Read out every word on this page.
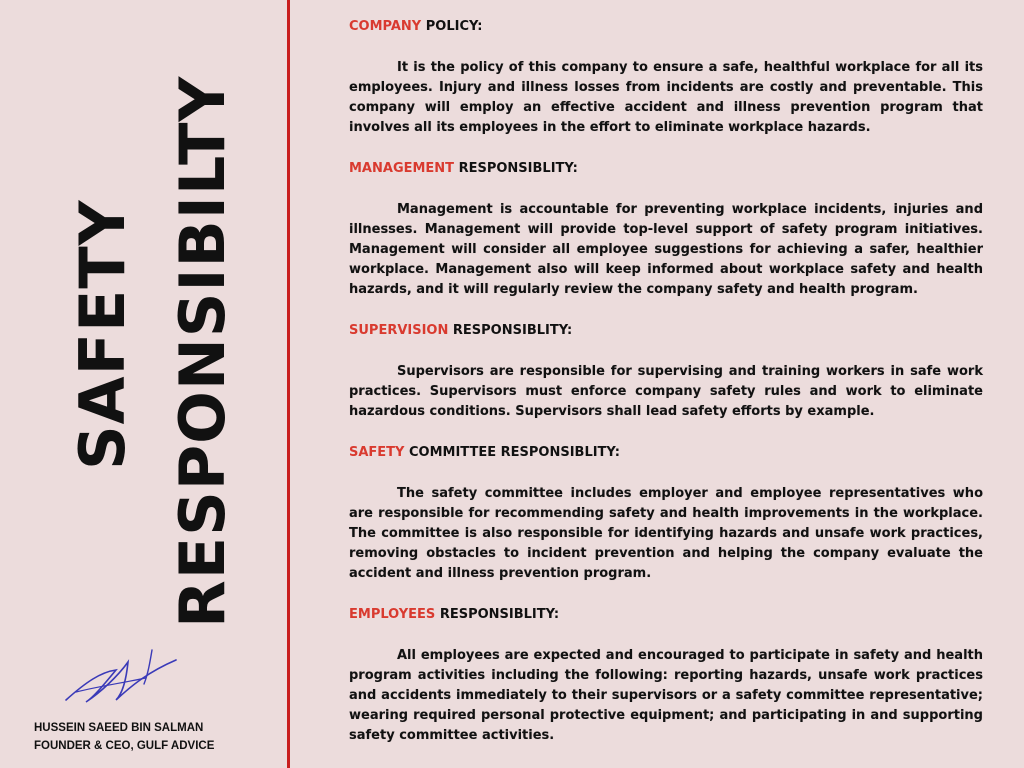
SAFETY RESPONSIBILTY
HUSSEIN SAEED BIN SALMAN
FOUNDER & CEO, GULF ADVICE

COMPANY POLICY:

It is the policy of this company to ensure a safe, healthful workplace for all its employees. Injury and illness losses from incidents are costly and preventable. This company will employ an effective accident and illness prevention program that involves all its employees in the effort to eliminate workplace hazards.

MANAGEMENT RESPONSIBLITY:

Management is accountable for preventing workplace incidents, injuries and illnesses. Management will provide top-level support of safety program initiatives. Management will consider all employee suggestions for achieving a safer, healthier workplace. Management also will keep informed about workplace safety and health hazards, and it will regularly review the company safety and health program.

SUPERVISION RESPONSIBLITY:

Supervisors are responsible for supervising and training workers in safe work practices. Supervisors must enforce company safety rules and work to eliminate hazardous conditions. Supervisors shall lead safety efforts by example.

SAFETY COMMITTEE RESPONSIBLITY:

The safety committee includes employer and employee representatives who are responsible for recommending safety and health improvements in the workplace. The committee is also responsible for identifying hazards and unsafe work practices, removing obstacles to incident prevention and helping the company evaluate the accident and illness prevention program.

EMPLOYEES RESPONSIBLITY:

All employees are expected and encouraged to participate in safety and health program activities including the following: reporting hazards, unsafe work practices and accidents immediately to their supervisors or a safety committee representative; wearing required personal protective equipment; and participating in and supporting safety committee activities.
